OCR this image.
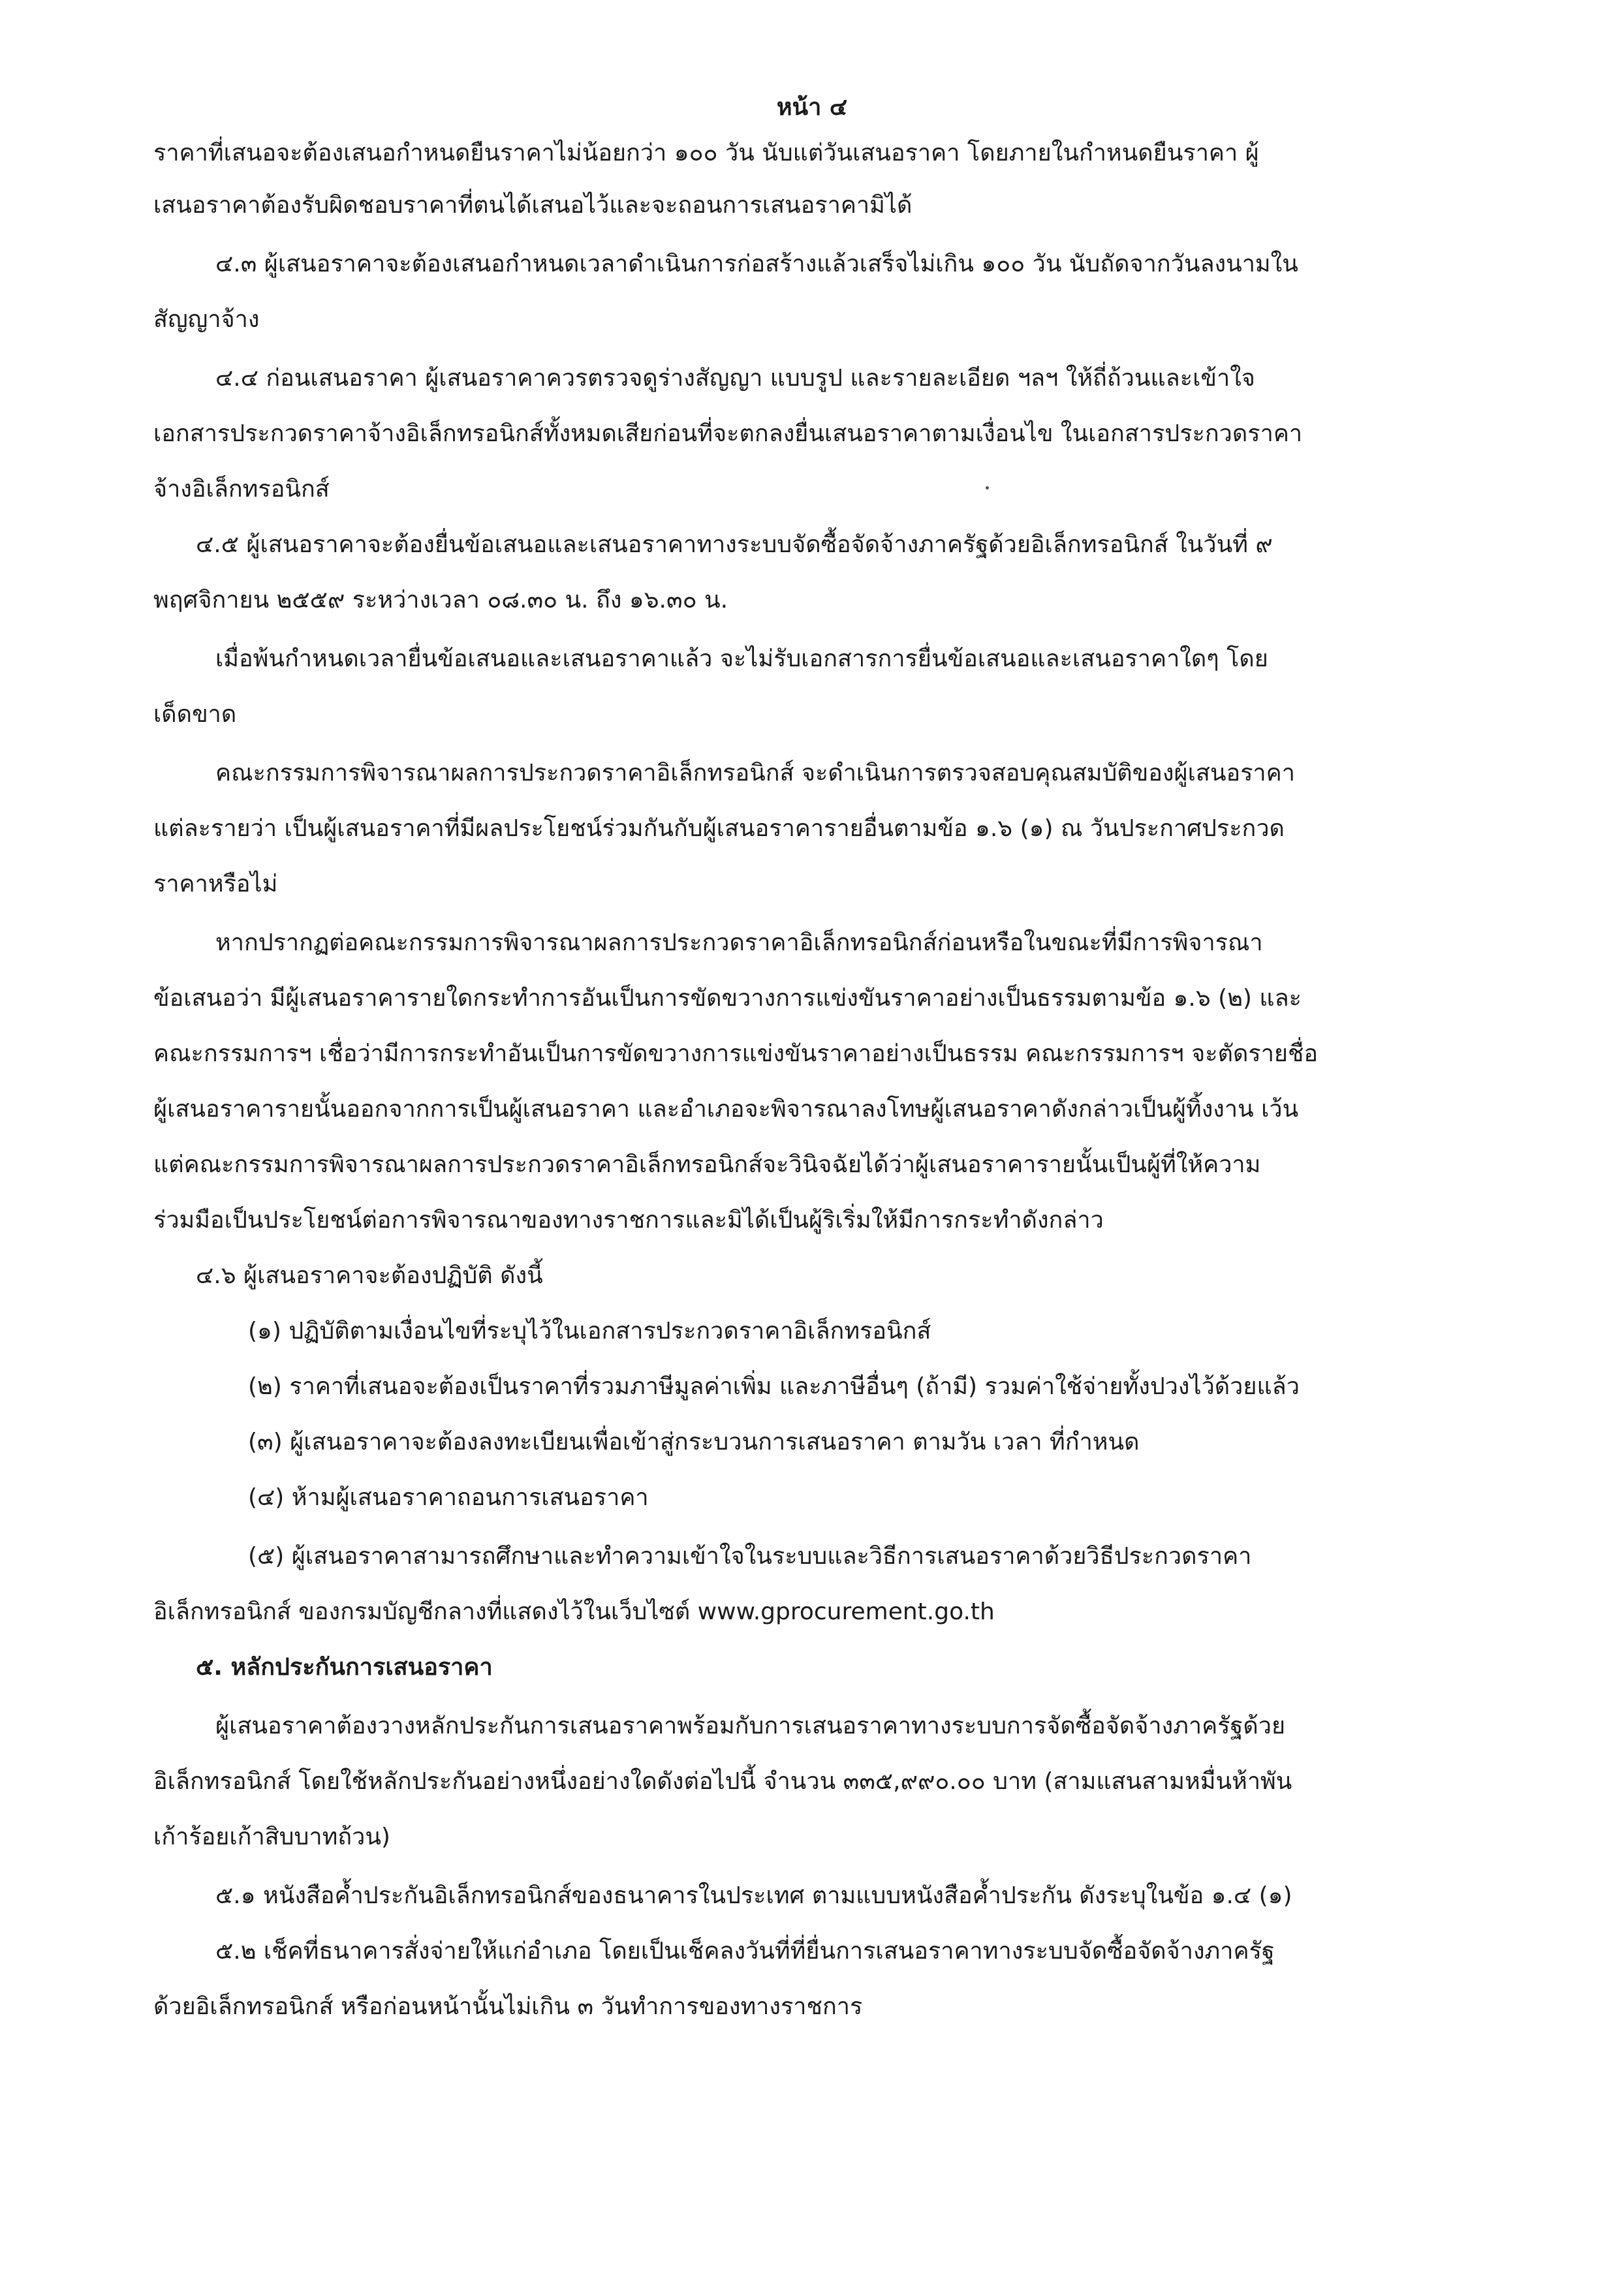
หน้า ๔
ราคาที่เสนอจะต้องเสนอกำหนดยืนราคาไม่น้อยกว่า ๑๐๐ วัน นับแต่วันเสนอราคา โดยภายในกำหนดยืนราคา ผู้
เสนอราคาต้องรับผิดชอบราคาที่ตนได้เสนอไว้และจะถอนการเสนอราคามิได้
๔.๓ ผู้เสนอราคาจะต้องเสนอกำหนดเวลาดำเนินการก่อสร้างแล้วเสร็จไม่เกิน ๑๐๐ วัน นับถัดจากวันลงนามใน
สัญญาจ้าง
๔.๔ ก่อนเสนอราคา ผู้เสนอราคาควรตรวจดูร่างสัญญา แบบรูป และรายละเอียด ฯลฯ ให้ถี่ถ้วนและเข้าใจ
เอกสารประกวดราคาจ้างอิเล็กทรอนิกส์ทั้งหมดเสียก่อนที่จะตกลงยื่นเสนอราคาตามเงื่อนไข ในเอกสารประกวดราคา
จ้างอิเล็กทรอนิกส์
๔.๕ ผู้เสนอราคาจะต้องยื่นข้อเสนอและเสนอราคาทางระบบจัดซื้อจัดจ้างภาครัฐด้วยอิเล็กทรอนิกส์ ในวันที่ ๙
พฤศจิกายน ๒๕๕๙ ระหว่างเวลา ๐๘.๓๐ น. ถึง ๑๖.๓๐ น.
เมื่อพ้นกำหนดเวลายื่นข้อเสนอและเสนอราคาแล้ว จะไม่รับเอกสารการยื่นข้อเสนอและเสนอราคาใดๆ โดย
เด็ดขาด
คณะกรรมการพิจารณาผลการประกวดราคาอิเล็กทรอนิกส์ จะดำเนินการตรวจสอบคุณสมบัติของผู้เสนอราคา
แต่ละรายว่า เป็นผู้เสนอราคาที่มีผลประโยชน์ร่วมกันกับผู้เสนอราคารายอื่นตามข้อ ๑.๖ (๑) ณ วันประกาศประกวด
ราคาหรือไม่
หากปรากฏต่อคณะกรรมการพิจารณาผลการประกวดราคาอิเล็กทรอนิกส์ก่อนหรือในขณะที่มีการพิจารณา
ข้อเสนอว่า มีผู้เสนอราคารายใดกระทำการอันเป็นการขัดขวางการแข่งขันราคาอย่างเป็นธรรมตามข้อ ๑.๖ (๒) และ
คณะกรรมการฯ เชื่อว่ามีการกระทำอันเป็นการขัดขวางการแข่งขันราคาอย่างเป็นธรรม คณะกรรมการฯ จะตัดรายชื่อ
ผู้เสนอราคารายนั้นออกจากการเป็นผู้เสนอราคา และอำเภอจะพิจารณาลงโทษผู้เสนอราคาดังกล่าวเป็นผู้ทิ้งงาน เว้น
แต่คณะกรรมการพิจารณาผลการประกวดราคาอิเล็กทรอนิกส์จะวินิจฉัยได้ว่าผู้เสนอราคารายนั้นเป็นผู้ที่ให้ความ
ร่วมมือเป็นประโยชน์ต่อการพิจารณาของทางราชการและมิได้เป็นผู้ริเริ่มให้มีการกระทำดังกล่าว
๔.๖ ผู้เสนอราคาจะต้องปฏิบัติ ดังนี้
(๑) ปฏิบัติตามเงื่อนไขที่ระบุไว้ในเอกสารประกวดราคาอิเล็กทรอนิกส์
(๒) ราคาที่เสนอจะต้องเป็นราคาที่รวมภาษีมูลค่าเพิ่ม และภาษีอื่นๆ (ถ้ามี) รวมค่าใช้จ่ายทั้งปวงไว้ด้วยแล้ว
(๓) ผู้เสนอราคาจะต้องลงทะเบียนเพื่อเข้าสู่กระบวนการเสนอราคา ตามวัน เวลา ที่กำหนด
(๔) ห้ามผู้เสนอราคาถอนการเสนอราคา
(๕) ผู้เสนอราคาสามารถศึกษาและทำความเข้าใจในระบบและวิธีการเสนอราคาด้วยวิธีประกวดราคา
อิเล็กทรอนิกส์ ของกรมบัญชีกลางที่แสดงไว้ในเว็บไซต์ www.gprocurement.go.th
๕. หลักประกันการเสนอราคา
ผู้เสนอราคาต้องวางหลักประกันการเสนอราคาพร้อมกับการเสนอราคาทางระบบการจัดซื้อจัดจ้างภาครัฐด้วย
อิเล็กทรอนิกส์ โดยใช้หลักประกันอย่างหนึ่งอย่างใดดังต่อไปนี้ จำนวน ๓๓๕,๙๙๐.๐๐ บาท (สามแสนสามหมื่นห้าพัน
เก้าร้อยเก้าสิบบาทถ้วน)
๕.๑ หนังสือค้ำประกันอิเล็กทรอนิกส์ของธนาคารในประเทศ ตามแบบหนังสือค้ำประกัน ดังระบุในข้อ ๑.๔ (๑)
๕.๒ เช็คที่ธนาคารสั่งจ่ายให้แก่อำเภอ โดยเป็นเช็คลงวันที่ที่ยื่นการเสนอราคาทางระบบจัดซื้อจัดจ้างภาครัฐ
ด้วยอิเล็กทรอนิกส์ หรือก่อนหน้านั้นไม่เกิน ๓ วันทำการของทางราชการ
